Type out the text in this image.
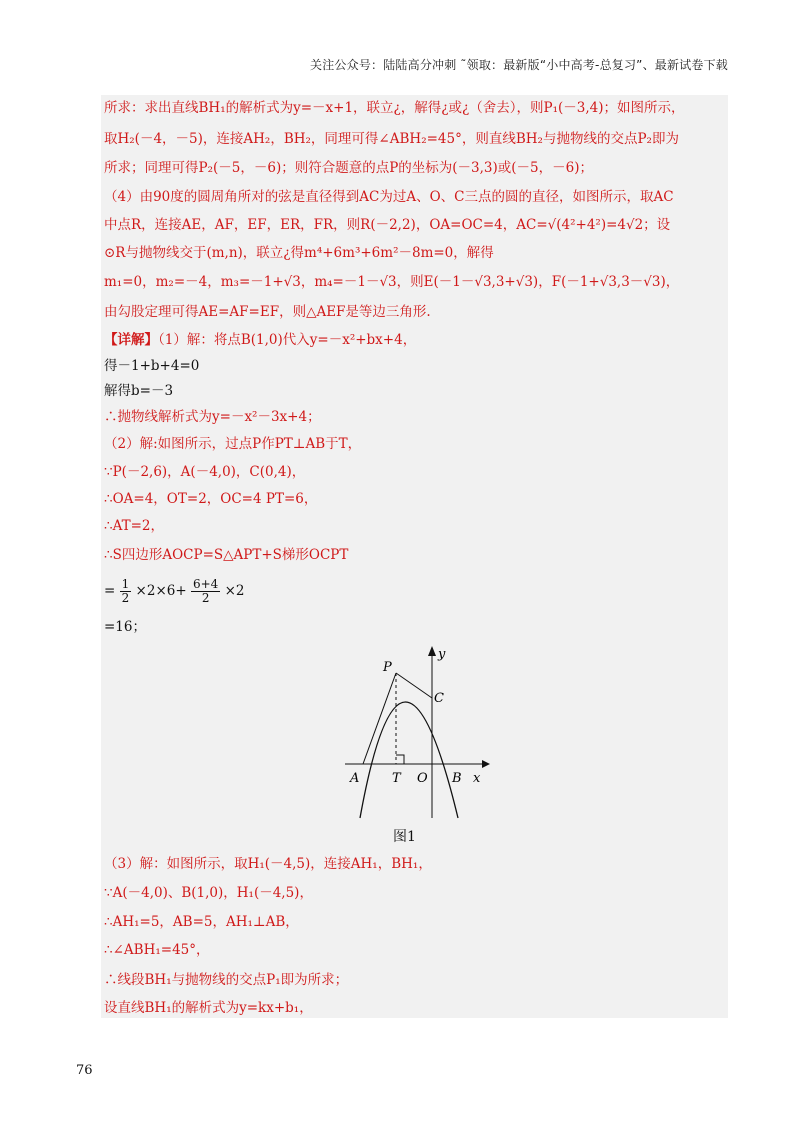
关注公众号：陆陆高分冲刺 ˜领取：最新版“小中高考-总复习”、最新试卷下载
所求：求出直线BH₁的解析式为y=－x+1，联立¿，解得¿或¿（舍去），则P₁(－3,4)；如图所示，
取H₂(－4，－5)，连接AH₂，BH₂，同理可得∠ABH₂=45°，则直线BH₂与抛物线的交点P₂即为
所求；同理可得P₂(－5，－6)；则符合题意的点P的坐标为(－3,3)或(－5，－6)；
（4）由90度的圆周角所对的弦是直径得到AC为过A、O、C三点的圆的直径，如图所示，取AC
中点R，连接AE，AF，EF，ER，FR，则R(－2,2)，OA=OC=4，AC=√(4²+4²)=4√2；设
⊙R与抛物线交于(m,n)，联立¿得m⁴+6m³+6m²－8m=0，解得
m₁=0，m₂=－4，m₃=－1+√3，m₄=－1－√3，则E(－1－√3,3+√3)，F(－1+√3,3－√3)，
由勾股定理可得AE=AF=EF，则△AEF是等边三角形.
【详解】（1）解：将点B(1,0)代入y=－x²+bx+4，
得－1+b+4=0
解得b=－3
∴抛物线解析式为y=－x²－3x+4；
（2）解:如图所示，过点P作PT⊥AB于T，
∵P(－2,6)，A(－4,0)，C(0,4)，
∴OA=4，OT=2，OC=4 PT=6，
∴AT=2，
∴S四边形AOCP=S△APT+S梯形OCPT
= $\frac{1}{2} \times 2\times 6+ \frac{6+4}{2} \times 2$
=16；
P
y
C
A	T O B x
图1
（3）解：如图所示，取H₁(－4,5)，连接AH₁，BH₁，
∵A(－4,0)、B(1,0)，H₁(－4,5)，
∴AH₁=5，AB=5，AH₁⊥AB，
∴∠ABH₁=45°，
∴线段BH₁与抛物线的交点P₁即为所求；
设直线BH₁的解析式为y=kx+b₁，
76
